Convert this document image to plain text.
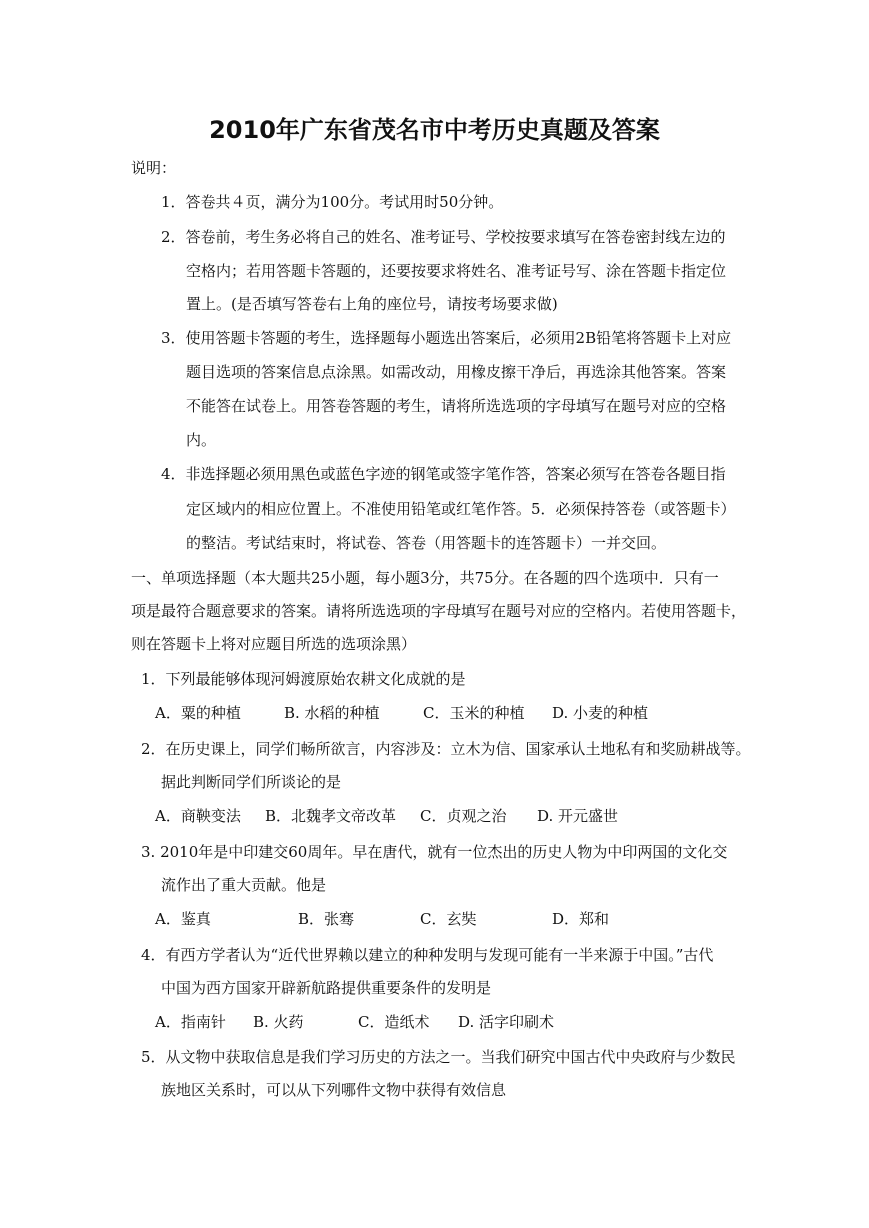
2010年广东省茂名市中考历史真题及答案
说明：
1．答卷共４页，满分为100分。考试用时50分钟。
2．答卷前，考生务必将自己的姓名、准考证号、学校按要求填写在答卷密封线左边的
空格内；若用答题卡答题的，还要按要求将姓名、准考证号写、涂在答题卡指定位
置上。(是否填写答卷右上角的座位号，请按考场要求做)
3．使用答题卡答题的考生，选择题每小题选出答案后，必须用2B铅笔将答题卡上对应
题目选项的答案信息点涂黑。如需改动，用橡皮擦干净后，再选涂其他答案。答案
不能答在试卷上。用答卷答题的考生，请将所选选项的字母填写在题号对应的空格
内。
4．非选择题必须用黑色或蓝色字迹的钢笔或签字笔作答，答案必须写在答卷各题目指
定区域内的相应位置上。不准使用铅笔或红笔作答。5．必须保持答卷（或答题卡）
的整洁。考试结束时，将试卷、答卷（用答题卡的连答题卡）一并交回。
一、单项选择题（本大题共25小题，每小题3分，共75分。在各题的四个选项中．只有一
项是最符合题意要求的答案。请将所选选项的字母填写在题号对应的空格内。若使用答题卡，
则在答题卡上将对应题目所选的选项涂黑）
1．下列最能够体现河姆渡原始农耕文化成就的是
A．粟的种植	B. 水稻的种植	C．玉米的种植 D. 小麦的种植
2．在历史课上，同学们畅所欲言，内容涉及：立木为信、国家承认土地私有和奖励耕战等。
据此判断同学们所谈论的是
A．商鞅变法 B．北魏孝文帝改革 C．贞观之治 D. 开元盛世
3. 2010年是中印建交60周年。早在唐代，就有一位杰出的历史人物为中印两国的文化交
流作出了重大贡献。他是
A．鉴真	B．张骞	C．玄奘	D．郑和
4．有西方学者认为“近代世界赖以建立的种种发明与发现可能有一半来源于中国。”古代
中国为西方国家开辟新航路提供重要条件的发明是
A．指南针 B. 火药	C．造纸术 D. 活字印刷术
5．从文物中获取信息是我们学习历史的方法之一。当我们研究中国古代中央政府与少数民
族地区关系时，可以从下列哪件文物中获得有效信息
